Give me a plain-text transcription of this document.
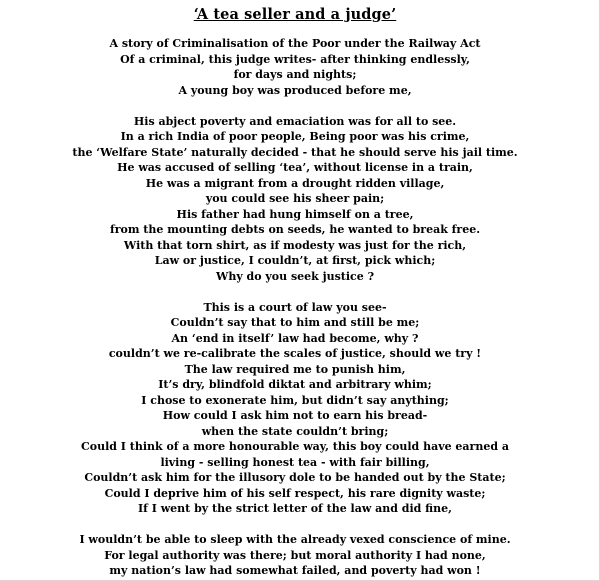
‘A tea seller and a judge’
A story of Criminalisation of the Poor under the Railway Act
Of a criminal, this judge writes- after thinking endlessly,
for days and nights;
A young boy was produced before me,
His abject poverty and emaciation was for all to see.
In a rich India of poor people, Being poor was his crime,
the ‘Welfare State’ naturally decided - that he should serve his jail time.
He was accused of selling ‘tea’, without license in a train,
He was a migrant from a drought ridden village,
you could see his sheer pain;
His father had hung himself on a tree,
from the mounting debts on seeds, he wanted to break free.
With that torn shirt, as if modesty was just for the rich,
Law or justice, I couldn’t, at first, pick which;
Why do you seek justice ?
This is a court of law you see-
Couldn’t say that to him and still be me;
An ‘end in itself’ law had become, why ?
couldn’t we re-calibrate the scales of justice, should we try !
The law required me to punish him,
It’s dry, blindfold diktat and arbitrary whim;
I chose to exonerate him, but didn’t say anything;
How could I ask him not to earn his bread-
when the state couldn’t bring;
Could I think of a more honourable way, this boy could have earned a
living - selling honest tea - with fair billing,
Couldn’t ask him for the illusory dole to be handed out by the State;
Could I deprive him of his self respect, his rare dignity waste;
If I went by the strict letter of the law and did fine,
I wouldn’t be able to sleep with the already vexed conscience of mine.
For legal authority was there; but moral authority I had none,
my nation’s law had somewhat failed, and poverty had won !
